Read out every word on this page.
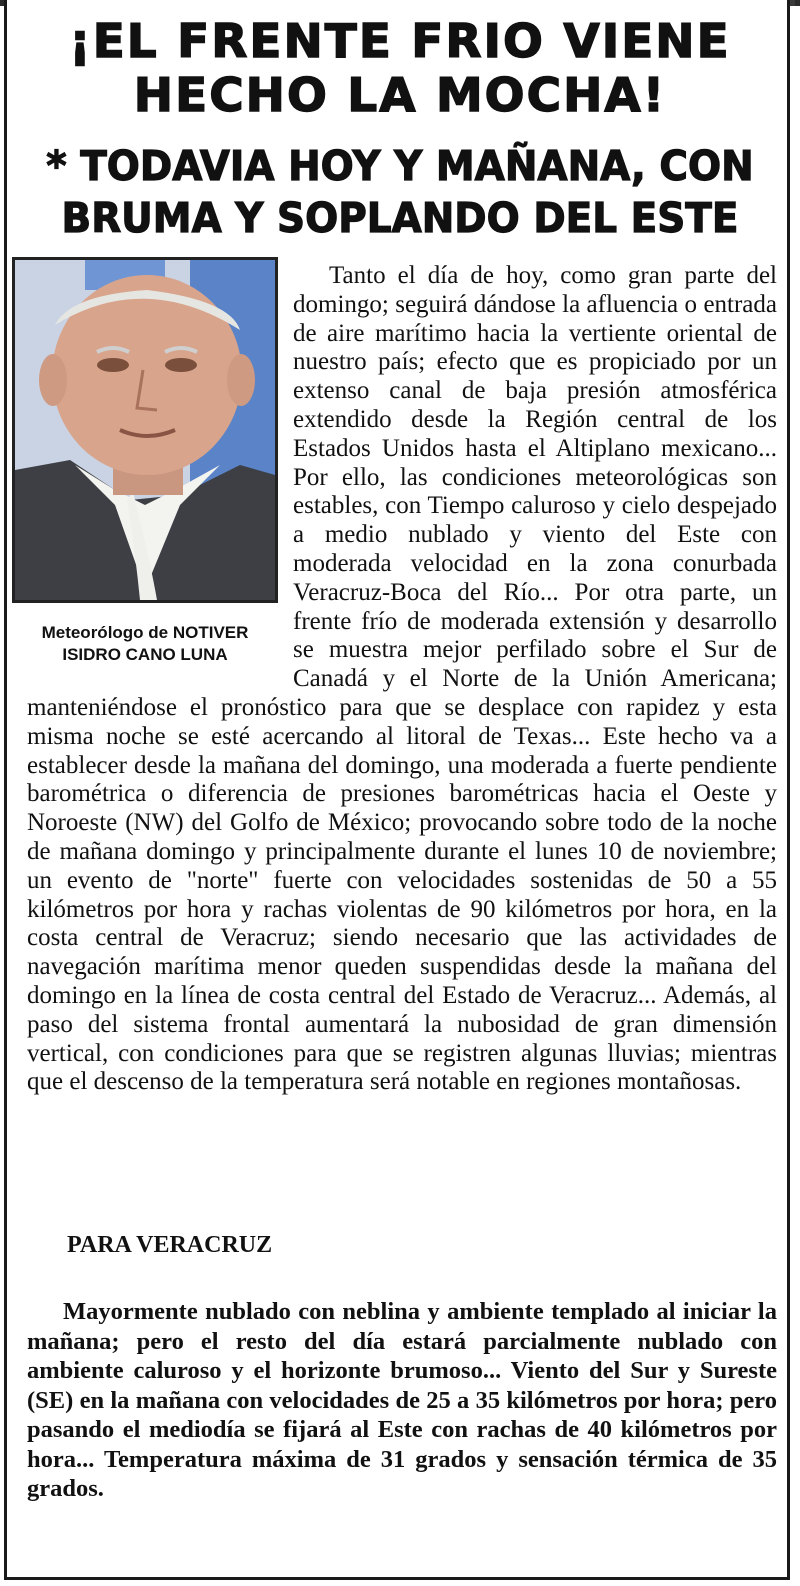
¡EL FRENTE FRIO VIENE HECHO LA MOCHA!
* TODAVIA HOY Y MAÑANA, CON BRUMA Y SOPLANDO DEL ESTE
Meteorólogo de NOTIVER
ISIDRO CANO LUNA

Tanto el día de hoy, como gran parte del domingo; seguirá dándose la afluencia o entrada de aire marítimo hacia la vertiente oriental de nuestro país; efecto que es propiciado por un extenso canal de baja presión atmosférica extendido desde la Región central de los Estados Unidos hasta el Altiplano mexicano... Por ello, las condiciones meteorológicas son estables, con Tiempo caluroso y cielo despejado a medio nublado y viento del Este con moderada velocidad en la zona conurbada Veracruz-Boca del Río... Por otra parte, un frente frío de moderada extensión y desarrollo se muestra mejor perfilado sobre el Sur de Canadá y el Norte de la Unión Americana; manteniéndose el pronóstico para que se desplace con rapidez y esta misma noche se esté acercando al litoral de Texas... Este hecho va a establecer desde la mañana del domingo, una moderada a fuerte pendiente barométrica o diferencia de presiones barométricas hacia el Oeste y Noroeste (NW) del Golfo de México; provocando sobre todo de la noche de mañana domingo y principalmente durante el lunes 10 de noviembre; un evento de "norte" fuerte con velocidades sostenidas de 50 a 55 kilómetros por hora y rachas violentas de 90 kilómetros por hora, en la costa central de Veracruz; siendo necesario que las actividades de navegación marítima menor queden suspendidas desde la mañana del domingo en la línea de costa central del Estado de Veracruz... Además, al paso del sistema frontal aumentará la nubosidad de gran dimensión vertical, con condiciones para que se registren algunas lluvias; mientras que el descenso de la temperatura será notable en regiones montañosas.

PARA VERACRUZ

Mayormente nublado con neblina y ambiente templado al iniciar la mañana; pero el resto del día estará parcialmente nublado con ambiente caluroso y el horizonte brumoso... Viento del Sur y Sureste (SE) en la mañana con velocidades de 25 a 35 kilómetros por hora; pero pasando el mediodía se fijará al Este con rachas de 40 kilómetros por hora... Temperatura máxima de 31 grados y sensación térmica de 35 grados.
